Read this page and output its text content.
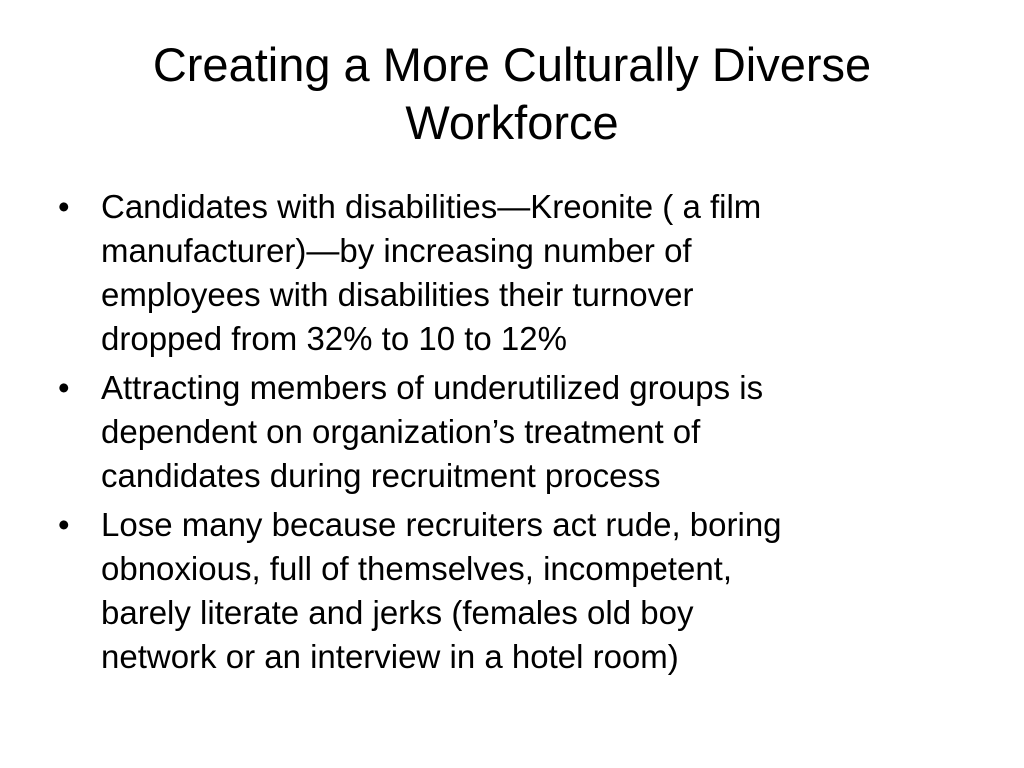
Creating a More Culturally Diverse
Workforce
• Candidates with disabilities—Kreonite ( a film
manufacturer)—by increasing number of
employees with disabilities their turnover
dropped from 32% to 10 to 12%
• Attracting members of underutilized groups is
dependent on organization’s treatment of
candidates during recruitment process
• Lose many because recruiters act rude, boring
obnoxious, full of themselves, incompetent,
barely literate and jerks (females old boy
network or an interview in a hotel room)
